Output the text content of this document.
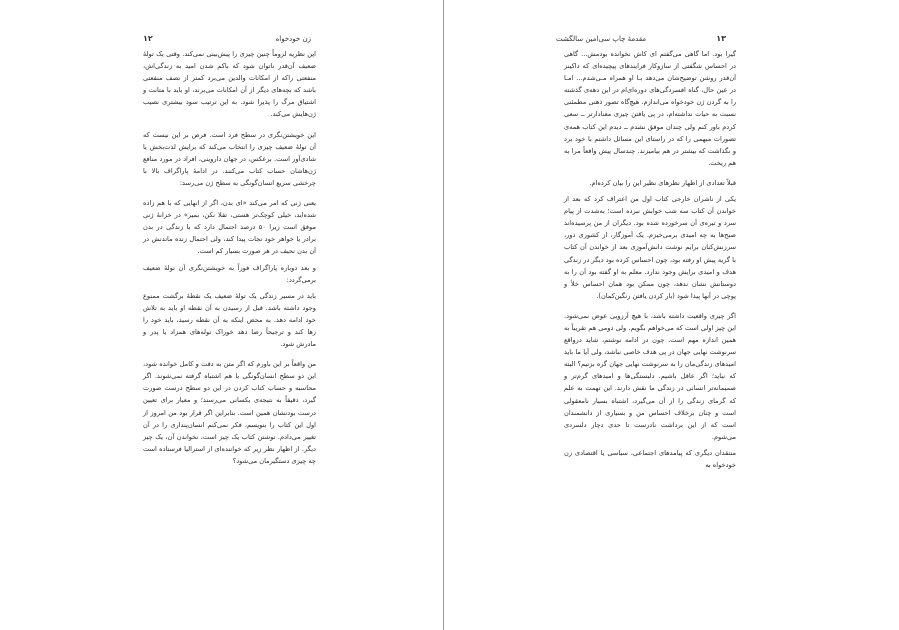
زن خودخواه
۱۲

این نظریه لزوماً چنین چیزی را پیش‌بینی نمی‌کند. وقتی یک تولهٔ ضعیف آن‌قدر ناتوان شود که باکم شدن امید به زندگی‌اش، منفعتی راکه از امکانات والدین می‌برد کمتر از نصف منفعتی باشد که بچه‌های دیگر از آن امکانات می‌برند، او باید با متانت و اشتیاق مرگ را پذیرا شود. به این ترتیب سود بیشتری نصیب ژن‌هایش می‌کند.

این خویشتن‌نگری در سطح فرد است. فرض بر این نیست که آن تولهٔ ضعیف چیزی را انتخاب می‌کند که برایش لذت‌بخش یا شادی‌آور است. برعکس، در جهان داروینی، افراد در مورد منافع ژن‌هاشان حساب کتاب می‌کنند. در ادامهٔ پاراگراف بالا با چرخشی سریع انسان‌گونگی به سطح ژن می‌رسد:

یعنی ژنی که امر می‌کند «ای بدن، اگر از انهایی که با هم زاده شده‌اید، خیلی کوچک‌تر هستی، تقلا نکن، بمیر» در خزانهٔ ژنی موفق است زیرا ۵۰ درصد احتمال دارد که با زندگی در بدن برادر یا خواهر خود نجات پیدا کند، ولی احتمال زنده ماندنش در آن بدن نحیف در هر صورت بسیار کم است.

و بعد دوباره پاراگراف فوراً به خویشتن‌نگری آن تولهٔ ضعیف برمی‌گردد:

باید در مسیر زندگی یک تولهٔ ضعیف یک نقطهٔ برگشت ممنوع وجود داشته باشد. قبل از رسیدن به آن نقطه او باید به تلاش خود ادامه دهد. به محض اینکه به آن نقطه رسید، باید خود را رها کند و ترجیحاً رضا دهد خوراک توله‌های همزاد یا پدر و مادرش شود.

من واقعاً بر این باورم که اگر متن به دقت و کامل خوانده شود، این دو سطح انسان‌گونگی با هم اشتباه گرفته نمی‌شوند. اگر محاسبه و حساب کتاب کردن در این دو سطح درست صورت گیرد، دقیقاً به نتیجه‌ی یکسانی می‌رسند؛ و معیار برای تعیین درست بودنشان همین است. بنابراین اگر قرار بود من امروز از اول این کتاب را بنویسم، فکر نمی‌کنم انسان‌پنداری را در آن تغییر می‌دادم. نوشتن کتاب یک چیز است، نخواندن آن، یک چیز دیگر. از اظهار نظر زیر که خواننده‌ای از استرالیا فرستاده است چه چیزی دستگیرمان می‌شود؟

۱۳
مقدمهٔ چاپ سی‌امین سالگشت

گیرا بود. اما گاهی می‌گفتم ای کاش نخوانده بودمش... گاهی در احساس شگفتی از سازوکار فرایندهای پیچیده‌ای که داکینز آن‌قدر روشن توضیح‌شان می‌دهد بـا او همراه مـی‌شدم... امـا در عین حال، گناه افسردگی‌های دوره‌ای‌ام در این دهه‌ی گذشته را به گردن ژن خودخواه می‌اندازم. هیچ‌گاه تصور ذهنی مطمئنی نسبت به حیات نداشته‌ام، در پی یافتن چیزی معنادارتر ــ سعی کردم باور کنم ولی چندان موفق نشدم ــ دیدم این کتاب همه‌ی تصورات مبهمی را که در راستای این مسائل داشتم با خود برد و نگذاشت که بیشتر در هم بیامیزند. چندسال پیش واقعاً مرا به هم ریخت.

قبلاً تعدادی از اظهار نظرهای نظیر این را بیان کرده‌ام.

یکی از ناشران خارجی کتاب اول من اعتراف کرد که بعد از خواندن آن کتاب سه شب خوابش نبرده است؛ به‌شدت از پیام سرد و تیره‌ی آن سرخورده شده بود. دیگران از من پرسیده‌اند صبح‌ها به چه امیدی برمی‌خیزم. یک آموزگار، از کشوری دور، سرزنش‌کنان برایم نوشت دانش‌آموزی بعد از خواندن آن کتاب با گریه پیش او رفته بود، چون احساس کرده بود دیگر در زندگی هدف و امیدی برایش وجود ندارد. معلم به او گفته بود آن را به دوستانش نشان ندهد، چون ممکن بود همان احساس خلأ و پوچی در آنها پیدا شود (بار کردن یافتن رنگین‌کمان).

اگر چیزی واقعیت داشته باشد، با هیچ آرزویی عوض نمی‌شود. این چیز اولی است که می‌خواهم بگویم. ولی دومی هم تقریباً به همین اندازه مهم است. چون در ادامه نوشتم، شاید درواقع سرنوشت نهایی جهان در پی هدف خاصی نباشد، ولی آیا ما باید امیدهای زندگی‌مان را به سرنوشت نهایی جهان گره بزنیم؟ البته که نباید؛ اگر عاقل باشیم. دلبستگی‌ها و امیدهای گرم‌تر و صمیمانه‌تر انسانی در زندگی ما نقش دارند. این تهمت به علم که گرمای زندگی را از آن می‌گیرد، اشتباه بسیار نامعقولی است و چنان برخلاف احساس من و بسیاری از دانشمندان است که از این برداشت نادرست تا حدی دچار دلسردی می‌شوم.

منتقدان دیگری که پیامدهای اجتماعی، سیاسی یا اقتصادی زن خودخواه به
